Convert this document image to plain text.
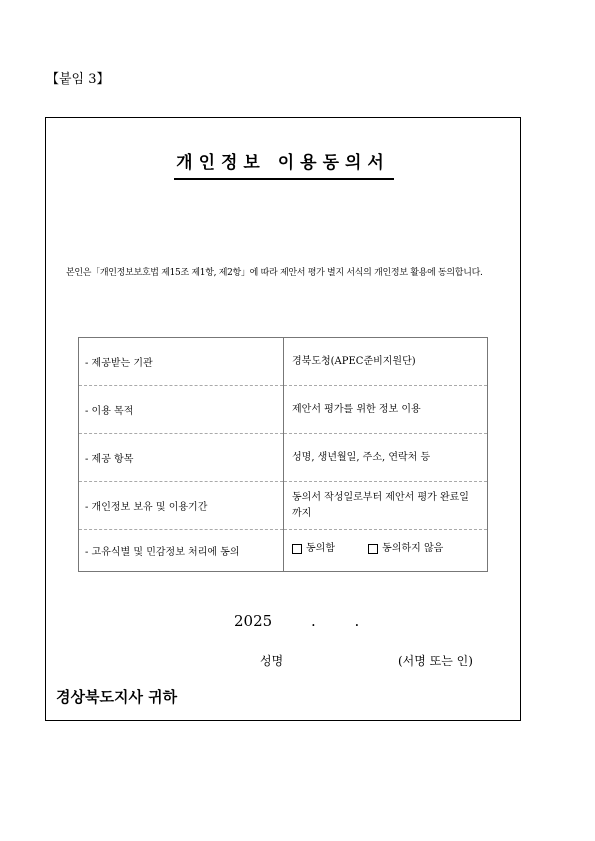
【붙임 3】
개인정보 이용동의서
본인은「개인정보보호법 제15조 제1항, 제2항」에 따라 제안서 평가 별지 서식의 개인정보 활용에 동의합니다.
- 제공받는 기관	경북도청(APEC준비지원단)
- 이용 목적	제안서 평가를 위한 정보 이용
- 제공 항목	성명, 생년월일, 주소, 연락처 등
- 개인정보 보유 및 이용기간	동의서 작성일로부터 제안서 평가 완료일 까지
- 고유식별 및 민감정보 처리에 동의	동의함
동의하지 않음
2025	.	.
성명	(서명 또는 인)
경상북도지사 귀하
